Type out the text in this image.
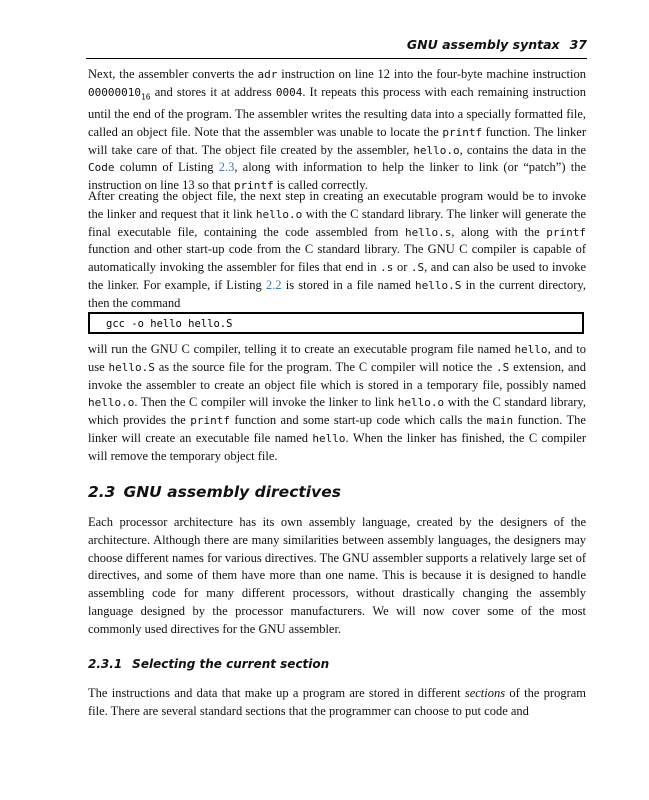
GNU assembly syntax 37

Next, the assembler converts the adr instruction on line 12 into the four-byte machine instruction $00000010_{16}$ and stores it at address 0004. It repeats this process with each remaining instruction until the end of the program. The assembler writes the resulting data into a specially formatted file, called an object file. Note that the assembler was unable to locate the printf function. The linker will take care of that. The object file created by the assembler, hello.o, contains the data in the Code column of Listing 2.3, along with information to help the linker to link (or “patch”) the instruction on line 13 so that printf is called correctly.

After creating the object file, the next step in creating an executable program would be to invoke the linker and request that it link hello.o with the C standard library. The linker will generate the final executable file, containing the code assembled from hello.s, along with the printf function and other start-up code from the C standard library. The GNU C compiler is capable of automatically invoking the assembler for files that end in .s or .S, and can also be used to invoke the linker. For example, if Listing 2.2 is stored in a file named hello.S in the current directory, then the command

gcc -o hello hello.S

will run the GNU C compiler, telling it to create an executable program file named hello, and to use hello.S as the source file for the program. The C compiler will notice the .S extension, and invoke the assembler to create an object file which is stored in a temporary file, possibly named hello.o. Then the C compiler will invoke the linker to link hello.o with the C standard library, which provides the printf function and some start-up code which calls the main function. The linker will create an executable file named hello. When the linker has finished, the C compiler will remove the temporary object file.

2.3 GNU assembly directives

Each processor architecture has its own assembly language, created by the designers of the architecture. Although there are many similarities between assembly languages, the designers may choose different names for various directives. The GNU assembler supports a relatively large set of directives, and some of them have more than one name. This is because it is designed to handle assembling code for many different processors, without drastically changing the assembly language designed by the processor manufacturers. We will now cover some of the most commonly used directives for the GNU assembler.

2.3.1 Selecting the current section

The instructions and data that make up a program are stored in different sections of the program file. There are several standard sections that the programmer can choose to put code and
